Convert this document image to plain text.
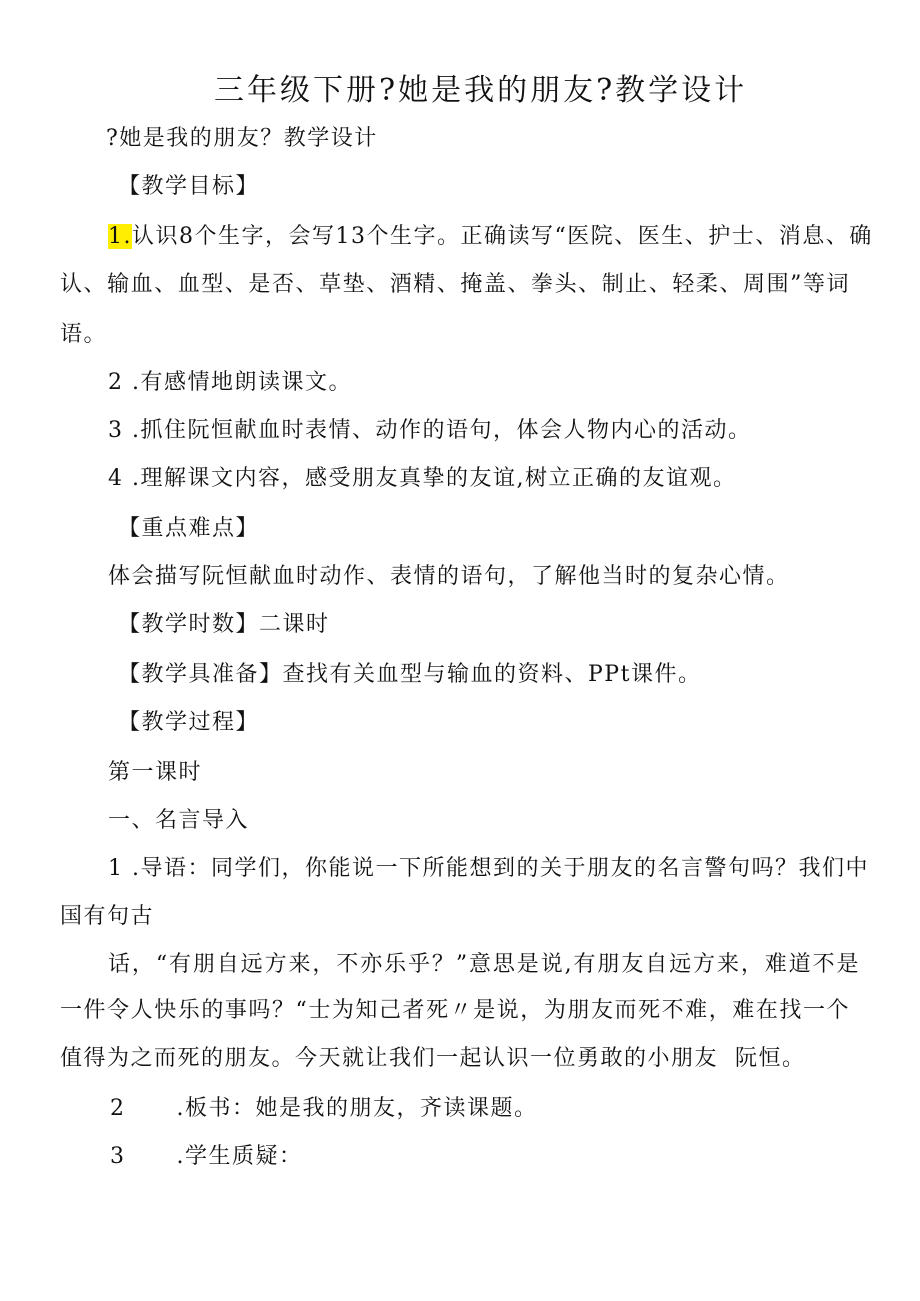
三年级下册?她是我的朋友?教学设计
?她是我的朋友？教学设计
【教学目标】
1.认识8个生字，会写13个生字。正确读写“医院、医生、护士、消息、确
认、输血、血型、是否、草垫、酒精、掩盖、拳头、制止、轻柔、周围”等词
语。
2 .有感情地朗读课文。
3 .抓住阮恒献血时表情、动作的语句，体会人物内心的活动。
4 .理解课文内容，感受朋友真挚的友谊,树立正确的友谊观。
【重点难点】
体会描写阮恒献血时动作、表情的语句，了解他当时的复杂心情。
【教学时数】二课时
【教学具准备】查找有关血型与输血的资料、PPt课件。
【教学过程】
第一课时
一、名言导入
1 .导语：同学们，你能说一下所能想到的关于朋友的名言警句吗？我们中
国有句古
话，“有朋自远方来，不亦乐乎？”意思是说,有朋友自远方来，难道不是
一件令人快乐的事吗？“士为知己者死〃是说，为朋友而死不难，难在找一个
值得为之而死的朋友。今天就让我们一起认识一位勇敢的小朋友  阮恒。
2      .板书：她是我的朋友，齐读课题。
3      .学生质疑：
